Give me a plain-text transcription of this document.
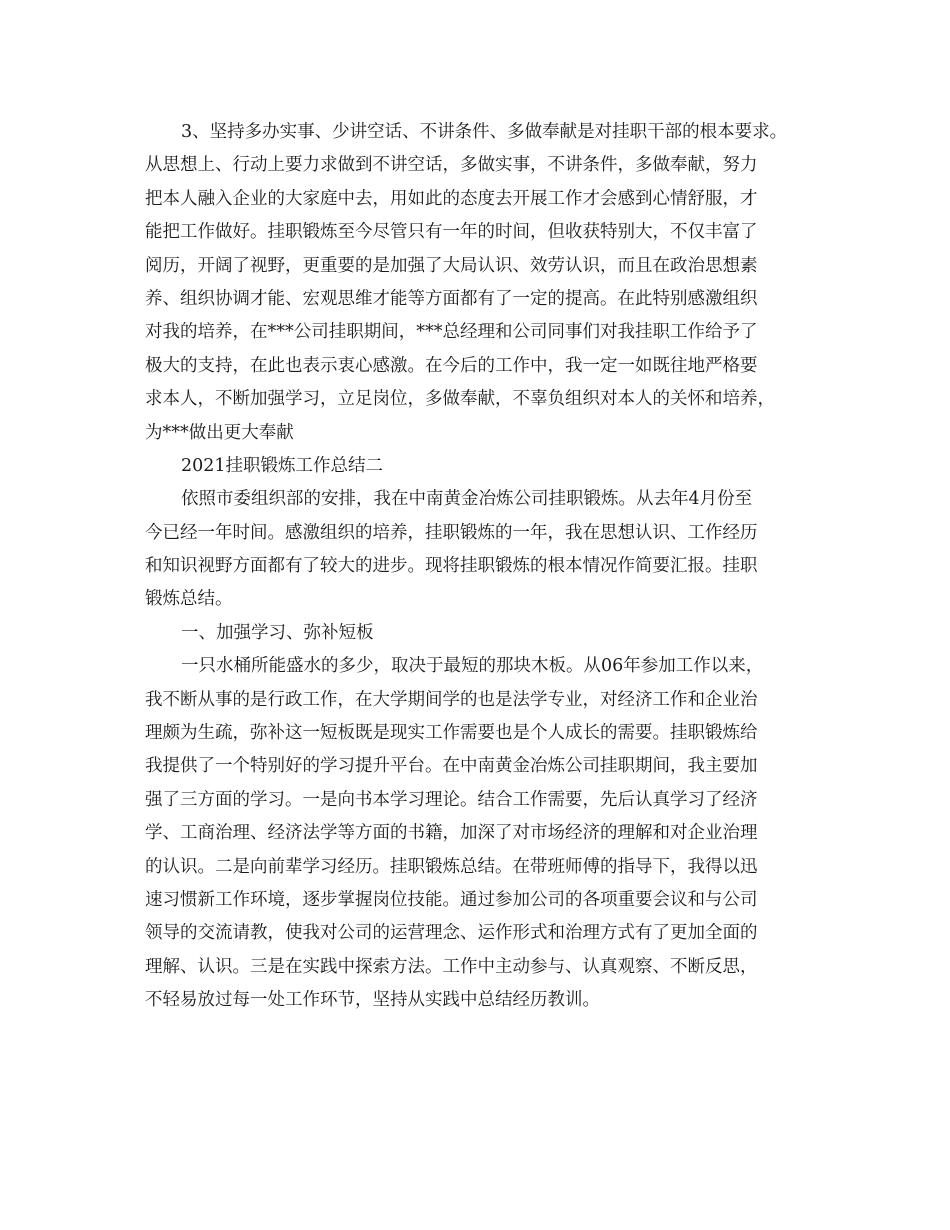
3、坚持多办实事、少讲空话、不讲条件、多做奉献是对挂职干部的根本要求。
从思想上、行动上要力求做到不讲空话，多做实事，不讲条件，多做奉献，努力
把本人融入企业的大家庭中去，用如此的态度去开展工作才会感到心情舒服，才
能把工作做好。挂职锻炼至今尽管只有一年的时间，但收获特别大，不仅丰富了
阅历，开阔了视野，更重要的是加强了大局认识、效劳认识，而且在政治思想素
养、组织协调才能、宏观思维才能等方面都有了一定的提高。在此特别感激组织
对我的培养，在***公司挂职期间，***总经理和公司同事们对我挂职工作给予了
极大的支持，在此也表示衷心感激。在今后的工作中，我一定一如既往地严格要
求本人，不断加强学习，立足岗位，多做奉献，不辜负组织对本人的关怀和培养，
为***做出更大奉献
2021挂职锻炼工作总结二
依照市委组织部的安排，我在中南黄金冶炼公司挂职锻炼。从去年4月份至
今已经一年时间。感激组织的培养，挂职锻炼的一年，我在思想认识、工作经历
和知识视野方面都有了较大的进步。现将挂职锻炼的根本情况作简要汇报。挂职
锻炼总结。
一、加强学习、弥补短板
一只水桶所能盛水的多少，取决于最短的那块木板。从06年参加工作以来，
我不断从事的是行政工作，在大学期间学的也是法学专业，对经济工作和企业治
理颇为生疏，弥补这一短板既是现实工作需要也是个人成长的需要。挂职锻炼给
我提供了一个特别好的学习提升平台。在中南黄金冶炼公司挂职期间，我主要加
强了三方面的学习。一是向书本学习理论。结合工作需要，先后认真学习了经济
学、工商治理、经济法学等方面的书籍，加深了对市场经济的理解和对企业治理
的认识。二是向前辈学习经历。挂职锻炼总结。在带班师傅的指导下，我得以迅
速习惯新工作环境，逐步掌握岗位技能。通过参加公司的各项重要会议和与公司
领导的交流请教，使我对公司的运营理念、运作形式和治理方式有了更加全面的
理解、认识。三是在实践中探索方法。工作中主动参与、认真观察、不断反思，
不轻易放过每一处工作环节，坚持从实践中总结经历教训。
